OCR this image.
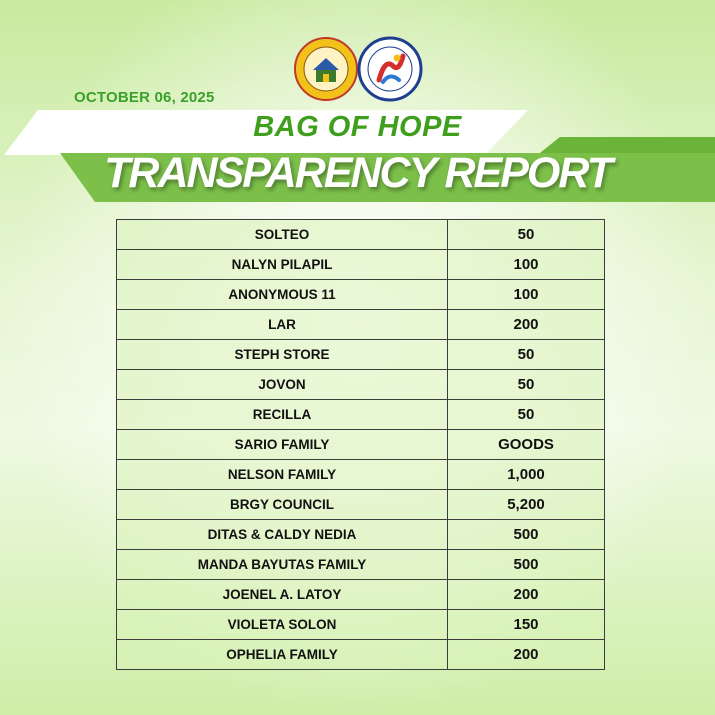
OCTOBER 06, 2025
BAG OF HOPE
TRANSPARENCY REPORT
SOLTEO	50
NALYN PILAPIL	100
ANONYMOUS 11	100
LAR	200
STEPH STORE	50
JOVON	50
RECILLA	50
SARIO FAMILY	GOODS
NELSON FAMILY	1,000
BRGY COUNCIL	5,200
DITAS & CALDY NEDIA	500
MANDA BAYUTAS FAMILY	500
JOENEL A. LATOY	200
VIOLETA SOLON	150
OPHELIA FAMILY	200
